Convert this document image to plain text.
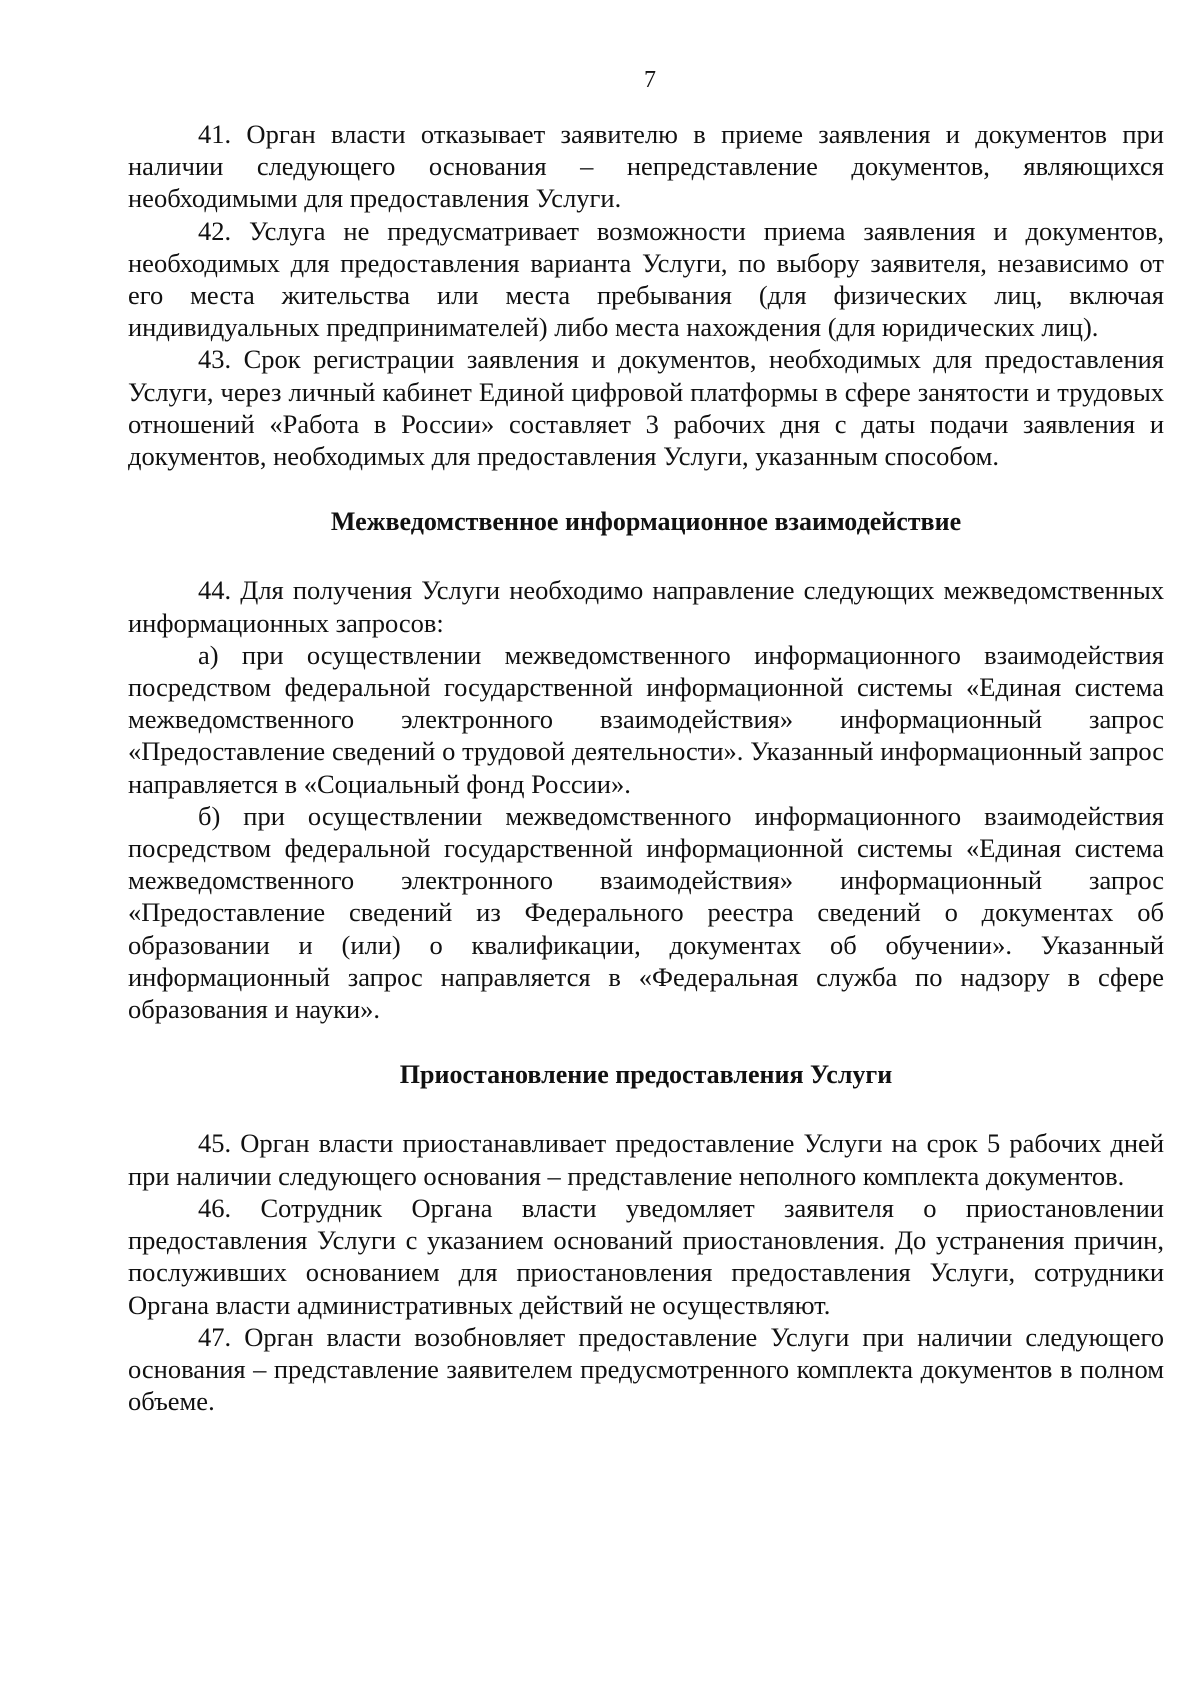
7

41. Орган власти отказывает заявителю в приеме заявления и документов при наличии следующего основания – непредставление документов, являющихся необходимыми для предоставления Услуги.

42. Услуга не предусматривает возможности приема заявления и документов, необходимых для предоставления варианта Услуги, по выбору заявителя, независимо от его места жительства или места пребывания (для физических лиц, включая индивидуальных предпринимателей) либо места нахождения (для юридических лиц).

43. Срок регистрации заявления и документов, необходимых для предоставления Услуги, через личный кабинет Единой цифровой платформы в сфере занятости и трудовых отношений «Работа в России» составляет 3 рабочих дня с даты подачи заявления и документов, необходимых для предоставления Услуги, указанным способом.

Межведомственное информационное взаимодействие

44. Для получения Услуги необходимо направление следующих межведомственных информационных запросов:

а) при осуществлении межведомственного информационного взаимодействия посредством федеральной государственной информационной системы «Единая система межведомственного электронного взаимодействия» информационный запрос «Предоставление сведений о трудовой деятельности». Указанный информационный запрос направляется в «Социальный фонд России».

б) при осуществлении межведомственного информационного взаимодействия посредством федеральной государственной информационной системы «Единая система межведомственного электронного взаимодействия» информационный запрос «Предоставление сведений из Федерального реестра сведений о документах об образовании и (или) о квалификации, документах об обучении». Указанный информационный запрос направляется в «Федеральная служба по надзору в сфере образования и науки».

Приостановление предоставления Услуги

45. Орган власти приостанавливает предоставление Услуги на срок 5 рабочих дней при наличии следующего основания – представление неполного комплекта документов.

46. Сотрудник Органа власти уведомляет заявителя о приостановлении предоставления Услуги с указанием оснований приостановления. До устранения причин, послуживших основанием для приостановления предоставления Услуги, сотрудники Органа власти административных действий не осуществляют.

47. Орган власти возобновляет предоставление Услуги при наличии следующего основания – представление заявителем предусмотренного комплекта документов в полном объеме.
